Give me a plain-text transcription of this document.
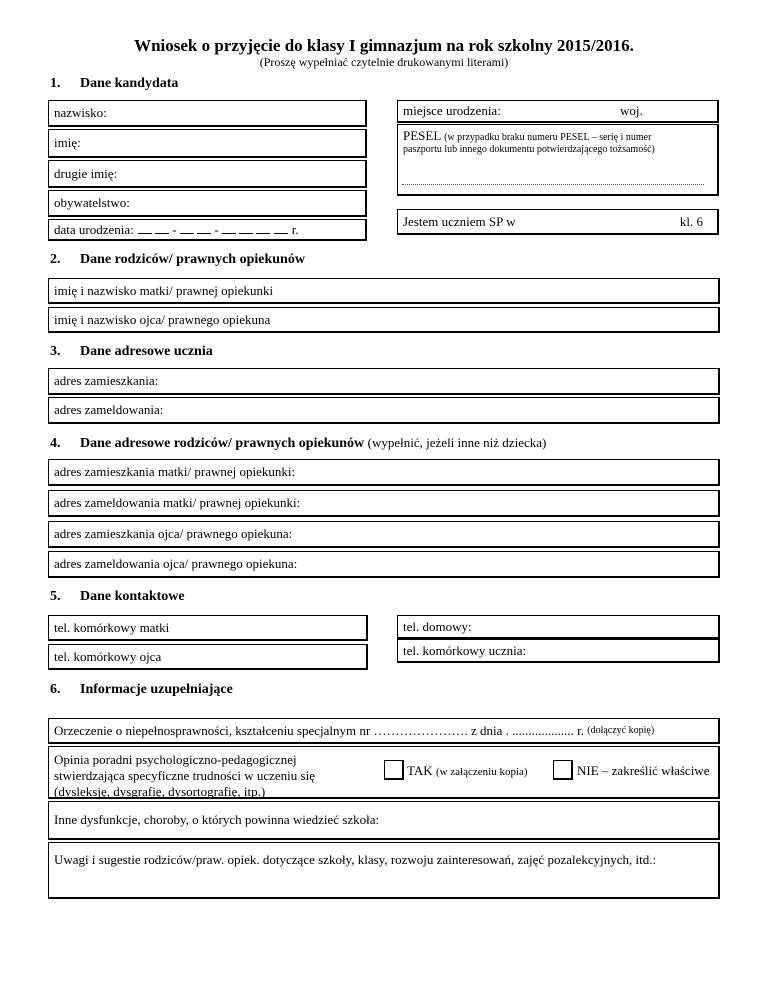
Wniosek o przyjęcie do klasy I gimnazjum na rok szkolny 2015/2016.
(Proszę wypełniać czytelnie drukowanymi literami)
1. Dane kandydata
nazwisko:
imię:
drugie imię:
obywatelstwo:
data urodzenia:	-	-	r.
miejsce urodzenia:	woj.
PESEL (w przypadku braku numeru PESEL – serię i numer
paszportu lub innego dokumentu potwierdzającego tożsamość)
Jestem uczniem SP w	kl. 6
2. Dane rodziców/ prawnych opiekunów
imię i nazwisko matki/ prawnej opiekunki
imię i nazwisko ojca/ prawnego opiekuna
3. Dane adresowe ucznia
adres zamieszkania:
adres zameldowania:
4. Dane adresowe rodziców/ prawnych opiekunów (wypełnić, jeżeli inne niż dziecka)
adres zamieszkania matki/ prawnej opiekunki:
adres zameldowania matki/ prawnej opiekunki:
adres zamieszkania ojca/ prawnego opiekuna:
adres zameldowania ojca/ prawnego opiekuna:
5. Dane kontaktowe
tel. komórkowy matki
tel. komórkowy ojca
tel. domowy:
tel. komórkowy ucznia:
6. Informacje uzupełniające
Orzeczenie o niepełnosprawności, kształceniu specjalnym nr …………………. z dnia . ................... r.
(dołączyć kopię)
Opinia poradni psychologiczno-pedagogicznej
stwierdzająca specyficzne trudności w uczeniu się
(dysleksję, dysgrafię, dysortografię, itp.)
TAK (w załączeniu kopia)	NIE – zakreślić właściwe
Inne dysfunkcje, choroby, o których powinna wiedzieć szkoła:
Uwagi i sugestie rodziców/praw. opiek. dotyczące szkoły, klasy, rozwoju zainteresowań, zajęć pozalekcyjnych, itd.:
